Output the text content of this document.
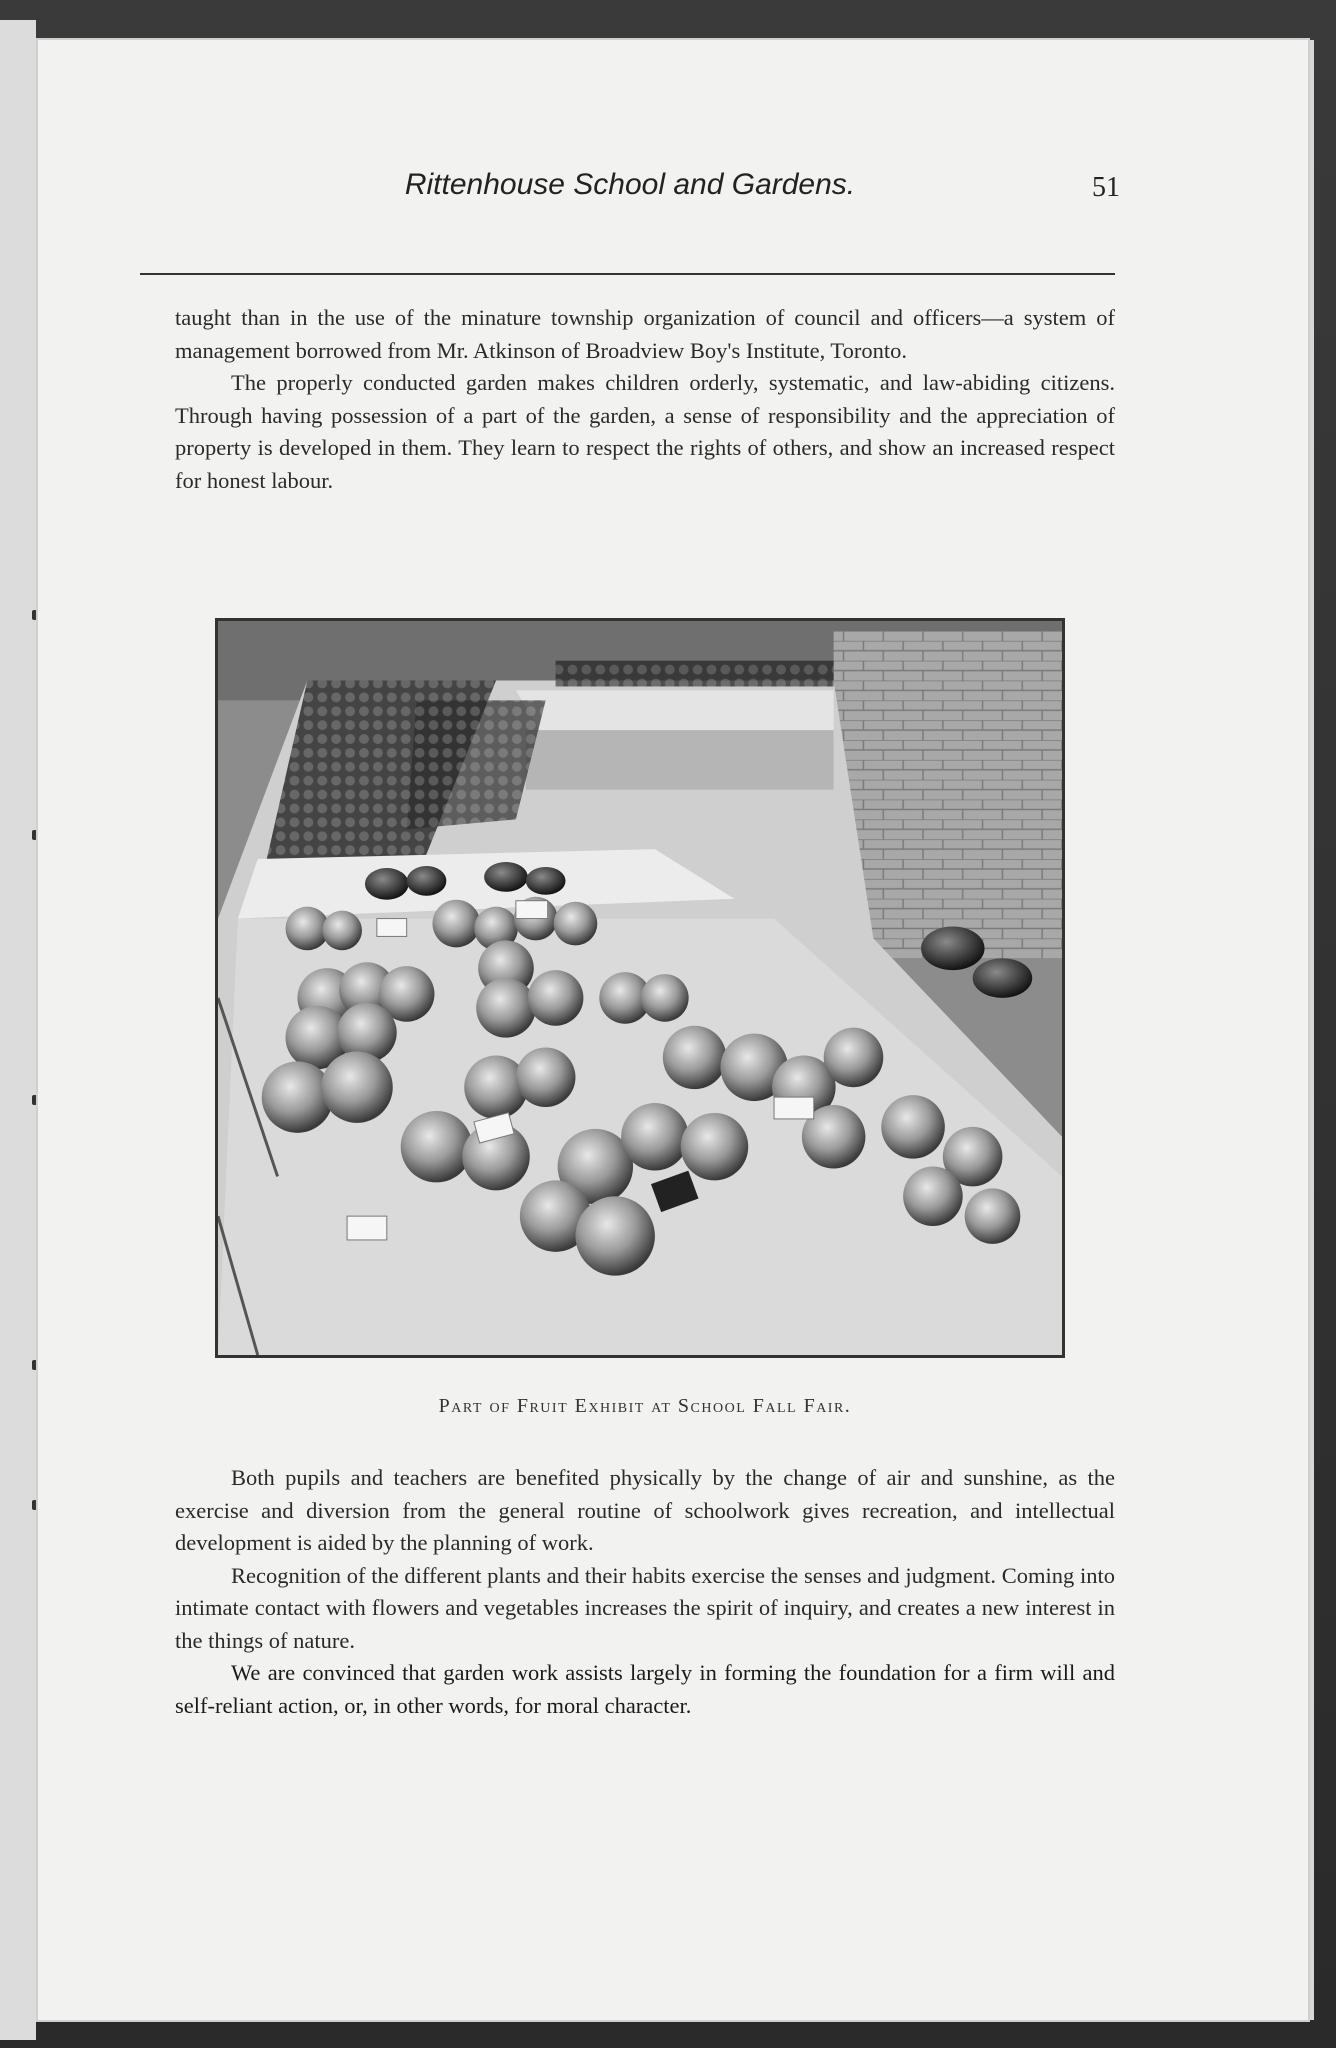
Rittenhouse School and Gardens.	51

taught than in the use of the minature township organization of council and officers—a system of management borrowed from Mr. Atkinson of Broadview Boy's Institute, Toronto.

The properly conducted garden makes children orderly, systematic, and law-abiding citizens. Through having possession of a part of the garden, a sense of responsibility and the appreciation of property is developed in them. They learn to respect the rights of others, and show an increased respect for honest labour.

Part of Fruit Exhibit at School Fall Fair.

Both pupils and teachers are benefited physically by the change of air and sunshine, as the exercise and diversion from the general routine of schoolwork gives recreation, and intellectual development is aided by the planning of work.

Recognition of the different plants and their habits exercise the senses and judgment. Coming into intimate contact with flowers and vegetables increases the spirit of inquiry, and creates a new interest in the things of nature.

We are convinced that garden work assists largely in forming the foundation for a firm will and self-reliant action, or, in other words, for moral character.
